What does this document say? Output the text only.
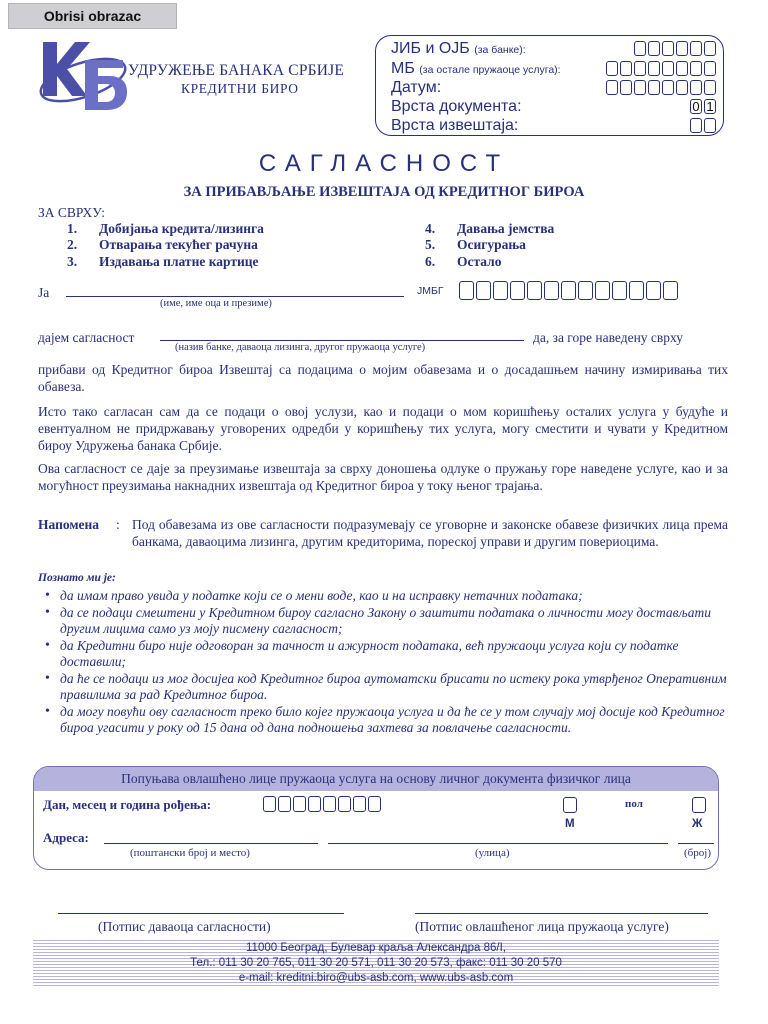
Obrisi obrazac
УДРУЖЕЊЕ БАНАКА СРБИЈЕ
КРЕДИТНИ БИРО
ЈИБ и ОЈБ (за банке):
МБ (за остале пружаоце услуга):
Датум:
Врста документа:	0 1
Врста извештаја:
САГЛАСНОСТ
ЗА ПРИБАВЉАЊЕ ИЗВЕШТАЈА ОД КРЕДИТНОГ БИРОА
ЗА СВРХУ:
1. Добијања кредита/лизинга
2. Отварања текућег рачуна
3. Издавања платне картице
4. Давања јемства
5. Осигурања
6. Остало
Ја
(име, име оца и презиме)
ЈМБГ
дајем сагласност
(назив банке, даваоца лизинга, другог пружаоца услуге)
да, за горе наведену сврху
прибави од Кредитног бироа Извештај са подацима о мојим обавезама и о досадашњем начину измиривања тих обавеза.
Исто тако сагласан сам да се подаци о овој услузи, као и подаци о мом коришћењу осталих услуга у будуће и евентуалном не придржавању уговорених одредби у коришћењу тих услуга, могу сместити и чувати у Кредитном бироу Удружења банака Србије.
Ова сагласност се даје за преузимање извештаја за сврху доношења одлуке о пружању горе наведене услуге, као и за могућност преузимања накнадних извештаја од Кредитног бироа у току њеног трајања.
Напомена : Под обавезама из ове сагласности подразумевају се уговорне и законске обавезе физичких лица према банкама, даваоцима лизинга, другим кредиторима, пореској управи и другим повериоцима.
Познато ми је:
• да имам право увида у податке који се о мени воде, као и на исправку нетачних података;
• да се подаци смештени у Кредитном бироу сагласно Закону о заштити података о личности могу достављати другим лицима само уз моју писмену сагласност;
• да Кредитни биро није одговоран за тачност и ажурност података, већ пружаоци услуга који су податке доставили;
• да ће се подаци из мог досијеа код Кредитног бироа аутоматски брисати по истеку рока утврђеног Оперативним правилима за рад Кредитног бироа.
• да могу повући ову сагласност преко било којег пружаоца услуга и да ће се у том случају мој досије код Кредитног бироа угасити у року од 15 дана од дана подношења захтева за повлачење сагласности.
Попуњава овлашћено лице пружаоца услуга на основу личног документа физичког лица
Дан, месец и година рођења:
М
пол
Ж
Адреса:
(поштански број и место)	(улица)	(број)
(Потпис даваоца сагласности)	(Потпис овлашћеног лица пружаоца услуге)
11000 Београд, Булевар краља Александра 86/I,
Тел.: 011 30 20 765, 011 30 20 571, 011 30 20 573, факс: 011 30 20 570
e-mail: kreditni.biro@ubs-asb.com, www.ubs-asb.com
